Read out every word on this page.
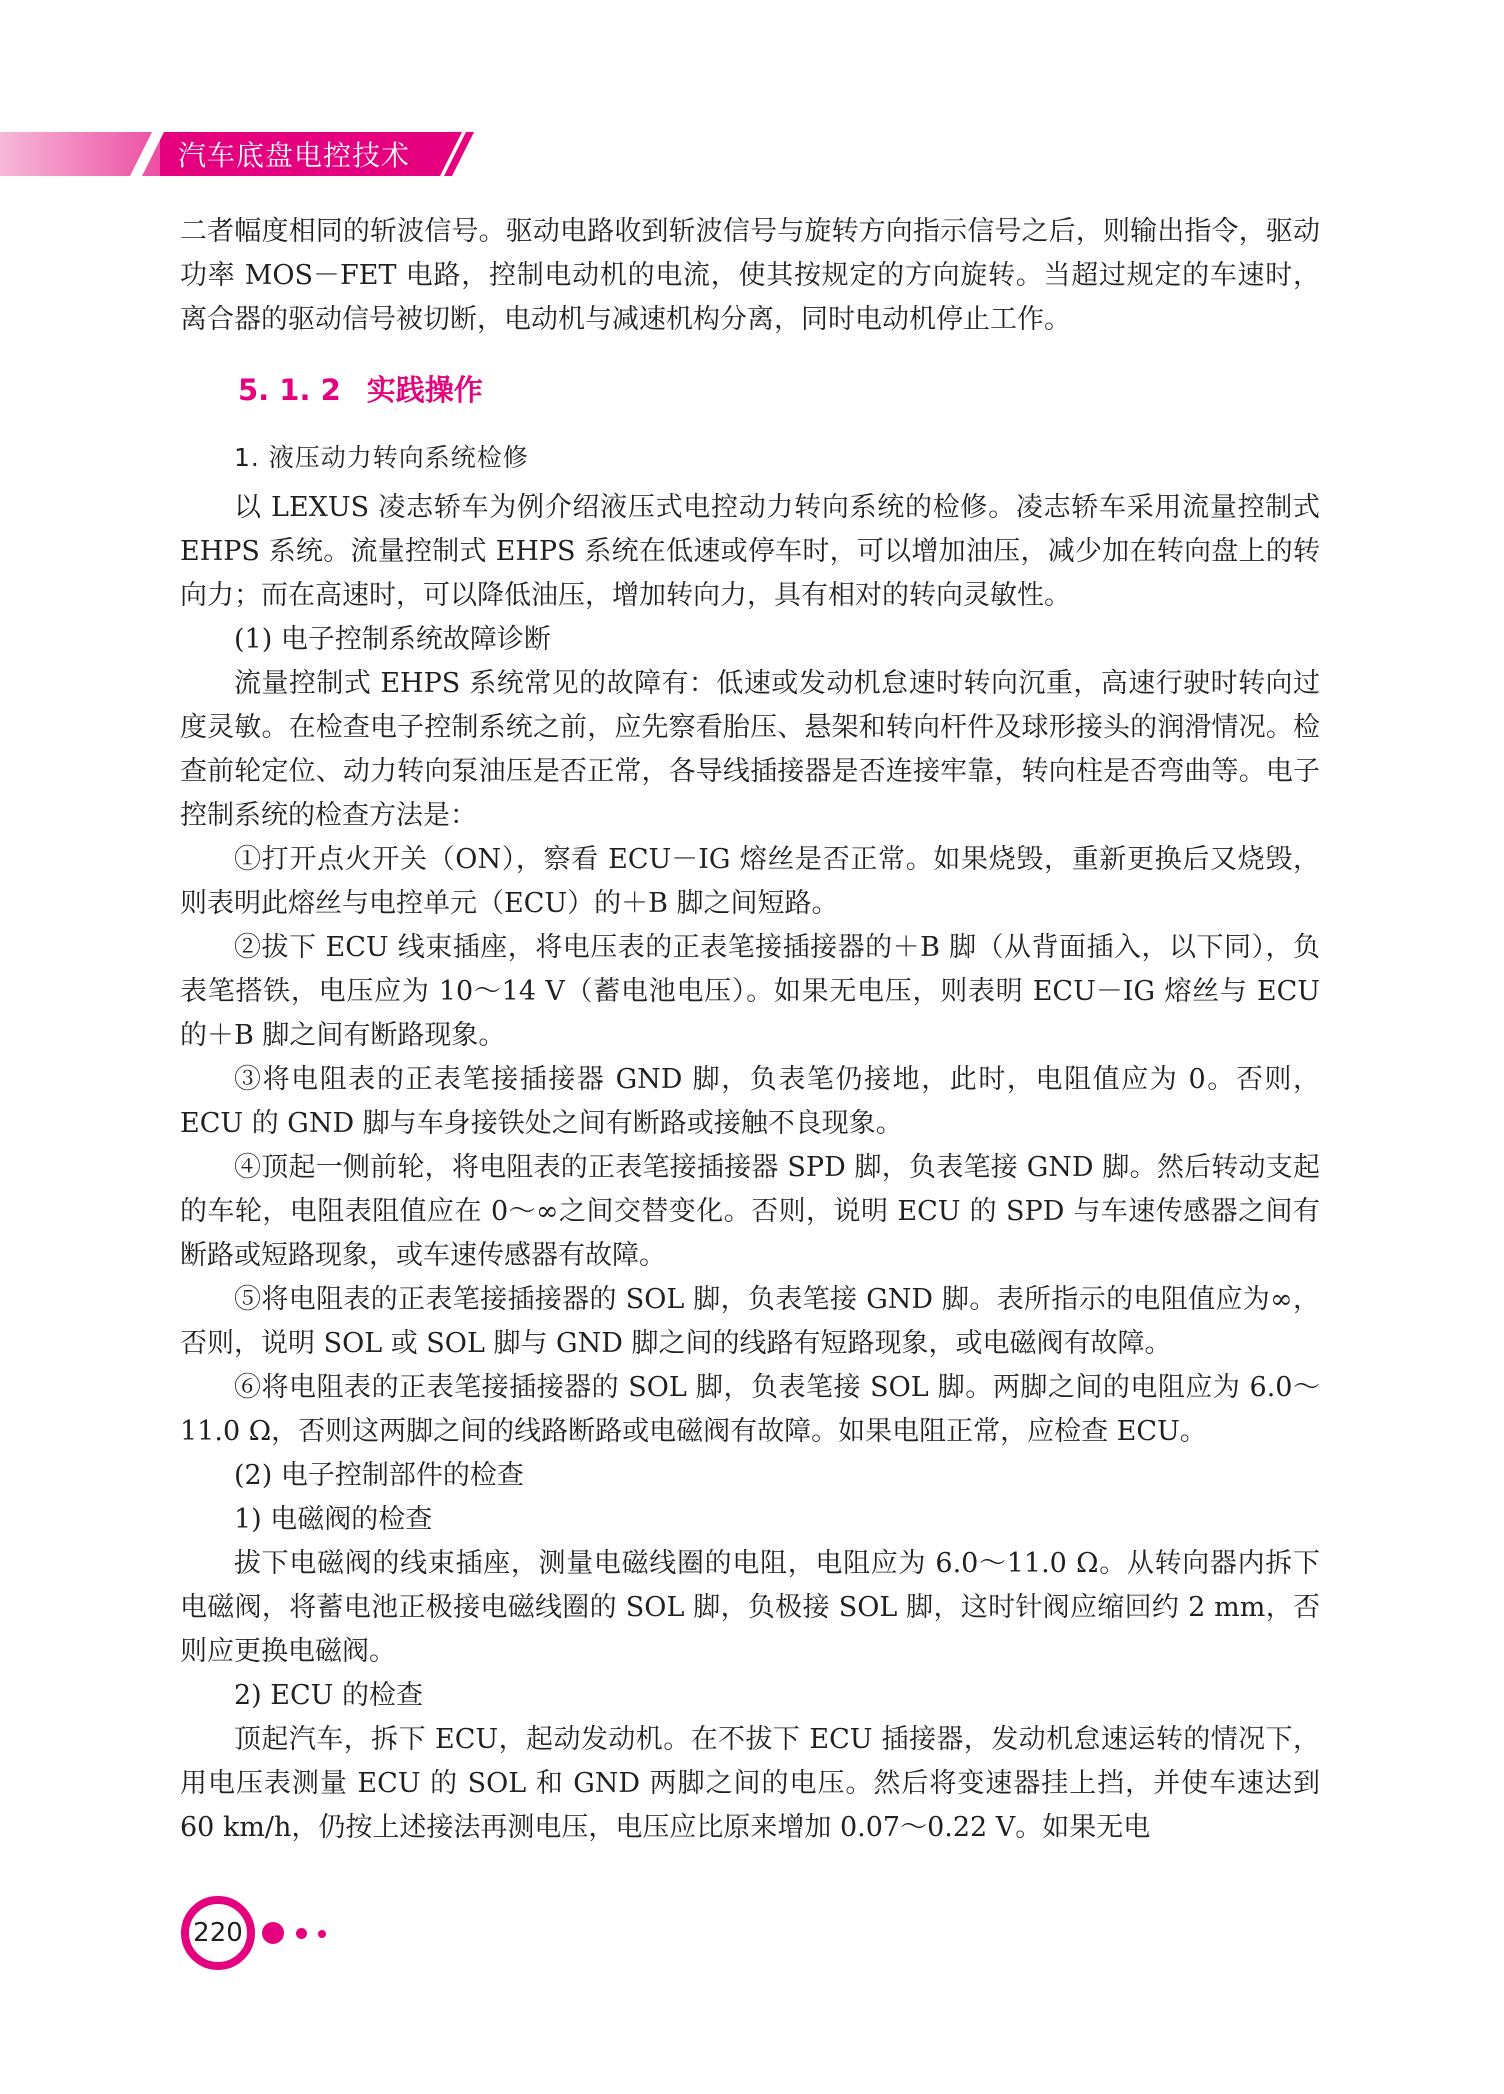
汽车底盘电控技术

二者幅度相同的斩波信号。驱动电路收到斩波信号与旋转方向指示信号之后，则输出指令，驱动功率 MOS－FET 电路，控制电动机的电流，使其按规定的方向旋转。当超过规定的车速时，离合器的驱动信号被切断，电动机与减速机构分离，同时电动机停止工作。

5. 1. 2 实践操作

1. 液压动力转向系统检修

以 LEXUS 凌志轿车为例介绍液压式电控动力转向系统的检修。凌志轿车采用流量控制式 EHPS 系统。流量控制式 EHPS 系统在低速或停车时，可以增加油压，减少加在转向盘上的转向力；而在高速时，可以降低油压，增加转向力，具有相对的转向灵敏性。

(1) 电子控制系统故障诊断

流量控制式 EHPS 系统常见的故障有：低速或发动机怠速时转向沉重，高速行驶时转向过度灵敏。在检查电子控制系统之前，应先察看胎压、悬架和转向杆件及球形接头的润滑情况。检查前轮定位、动力转向泵油压是否正常，各导线插接器是否连接牢靠，转向柱是否弯曲等。电子控制系统的检查方法是：

①打开点火开关（ON），察看 ECU－IG 熔丝是否正常。如果烧毁，重新更换后又烧毁，则表明此熔丝与电控单元（ECU）的＋B 脚之间短路。

②拔下 ECU 线束插座，将电压表的正表笔接插接器的＋B 脚（从背面插入，以下同），负表笔搭铁，电压应为 10～14 V（蓄电池电压）。如果无电压，则表明 ECU－IG 熔丝与 ECU 的＋B 脚之间有断路现象。

③将电阻表的正表笔接插接器 GND 脚，负表笔仍接地，此时，电阻值应为 0。否则，ECU 的 GND 脚与车身接铁处之间有断路或接触不良现象。

④顶起一侧前轮，将电阻表的正表笔接插接器 SPD 脚，负表笔接 GND 脚。然后转动支起的车轮，电阻表阻值应在 0～∞之间交替变化。否则，说明 ECU 的 SPD 与车速传感器之间有断路或短路现象，或车速传感器有故障。

⑤将电阻表的正表笔接插接器的 SOL 脚，负表笔接 GND 脚。表所指示的电阻值应为∞，否则，说明 SOL 或 SOL 脚与 GND 脚之间的线路有短路现象，或电磁阀有故障。

⑥将电阻表的正表笔接插接器的 SOL 脚，负表笔接 SOL 脚。两脚之间的电阻应为 6.0～11.0 Ω，否则这两脚之间的线路断路或电磁阀有故障。如果电阻正常，应检查 ECU。

(2) 电子控制部件的检查

1) 电磁阀的检查

拔下电磁阀的线束插座，测量电磁线圈的电阻，电阻应为 6.0～11.0 Ω。从转向器内拆下电磁阀，将蓄电池正极接电磁线圈的 SOL 脚，负极接 SOL 脚，这时针阀应缩回约 2 mm，否则应更换电磁阀。

2) ECU 的检查

顶起汽车，拆下 ECU，起动发动机。在不拔下 ECU 插接器，发动机怠速运转的情况下，用电压表测量 ECU 的 SOL 和 GND 两脚之间的电压。然后将变速器挂上挡，并使车速达到 60 km/h，仍按上述接法再测电压，电压应比原来增加 0.07～0.22 V。如果无电

220
